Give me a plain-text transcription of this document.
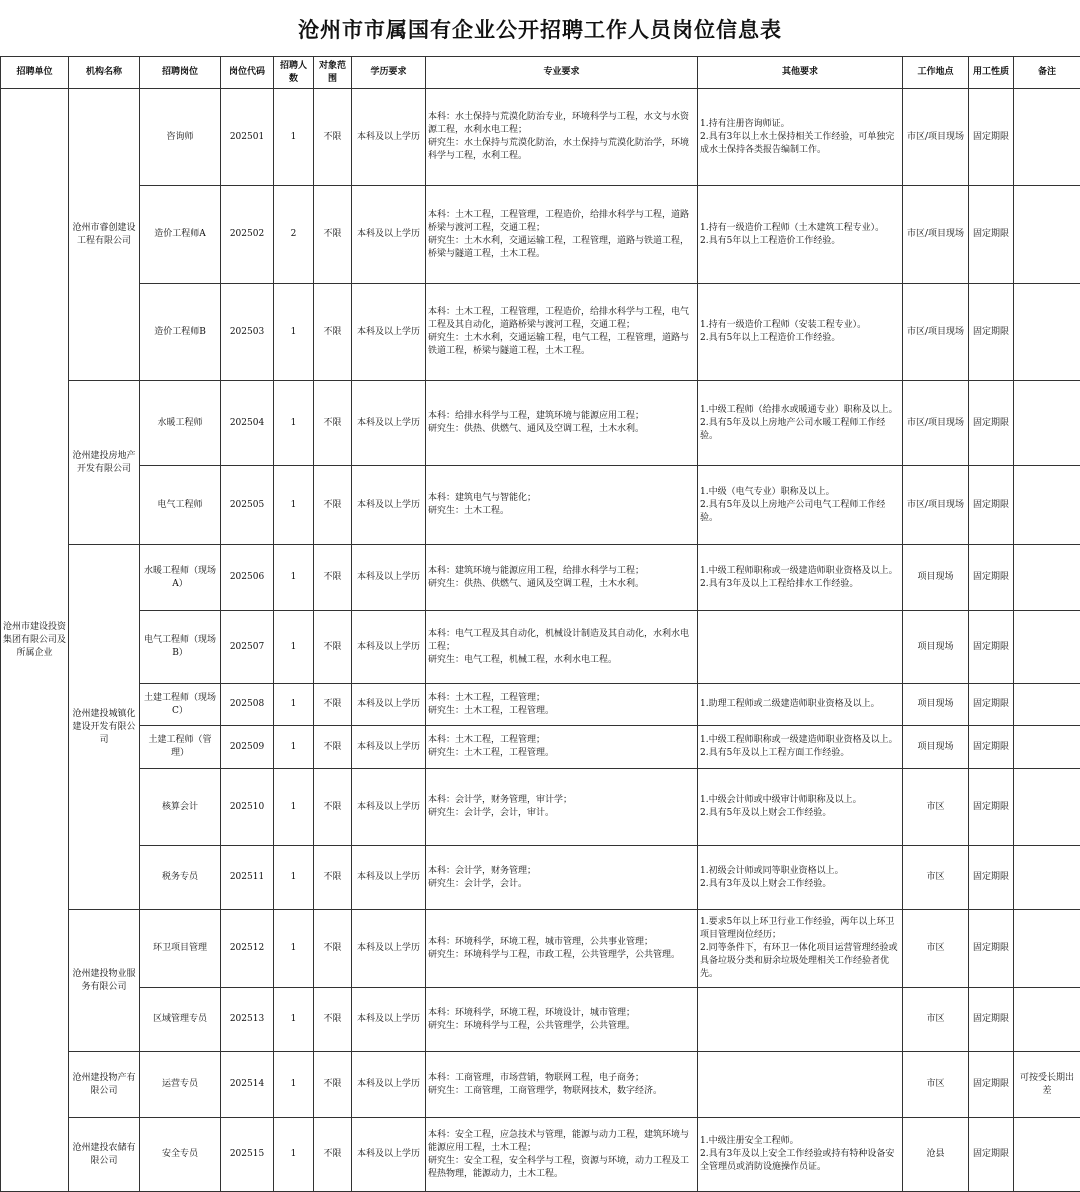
沧州市市属国有企业公开招聘工作人员岗位信息表
招聘单位	机构名称	招聘岗位	岗位代码	招聘人数	对象范围	学历要求	专业要求	其他要求	工作地点	用工性质	备注
沧州市建设投资集团有限公司及所属企业	沧州市睿创建设工程有限公司	咨询师	202501	1	不限	本科及以上学历	本科：水土保持与荒漠化防治专业，环境科学与工程，水文与水资源工程，水利水电工程；
研究生：水土保持与荒漠化防治，水土保持与荒漠化防治学，环境科学与工程，水利工程。	1.持有注册咨询师证。
2.具有3年以上水土保持相关工作经验，可单独完成水土保持各类报告编制工作。	市区/项目现场	固定期限	
		造价工程师A	202502	2	不限	本科及以上学历	本科：土木工程，工程管理，工程造价，给排水科学与工程，道路桥梁与渡河工程，交通工程；
研究生：土木水利，交通运输工程，工程管理，道路与铁道工程，桥梁与隧道工程，土木工程。	1.持有一级造价工程师（土木建筑工程专业）。
2.具有5年以上工程造价工作经验。	市区/项目现场	固定期限	
		造价工程师B	202503	1	不限	本科及以上学历	本科：土木工程，工程管理，工程造价，给排水科学与工程，电气工程及其自动化，道路桥梁与渡河工程，交通工程；
研究生：土木水利，交通运输工程，电气工程，工程管理，道路与铁道工程，桥梁与隧道工程，土木工程。	1.持有一级造价工程师（安装工程专业）。
2.具有5年以上工程造价工作经验。	市区/项目现场	固定期限	
	沧州建投房地产开发有限公司	水暖工程师	202504	1	不限	本科及以上学历	本科：给排水科学与工程，建筑环境与能源应用工程；
研究生：供热、供燃气、通风及空调工程，土木水利。	1.中级工程师（给排水或暖通专业）职称及以上。
2.具有5年及以上房地产公司水暖工程师工作经验。	市区/项目现场	固定期限	
		电气工程师	202505	1	不限	本科及以上学历	本科：建筑电气与智能化；
研究生：土木工程。	1.中级（电气专业）职称及以上。
2.具有5年及以上房地产公司电气工程师工作经验。	市区/项目现场	固定期限	
	沧州建投城镇化建设开发有限公司	水暖工程师（现场A）	202506	1	不限	本科及以上学历	本科：建筑环境与能源应用工程，给排水科学与工程；
研究生：供热、供燃气、通风及空调工程，土木水利。	1.中级工程师职称或一级建造师职业资格及以上。
2.具有3年及以上工程给排水工作经验。	项目现场	固定期限	
		电气工程师（现场B）	202507	1	不限	本科及以上学历	本科：电气工程及其自动化，机械设计制造及其自动化，水利水电工程；
研究生：电气工程，机械工程，水利水电工程。		项目现场	固定期限	
		土建工程师（现场C）	202508	1	不限	本科及以上学历	本科：土木工程，工程管理；
研究生：土木工程，工程管理。	1.助理工程师或二级建造师职业资格及以上。	项目现场	固定期限	
		土建工程师（管理）	202509	1	不限	本科及以上学历	本科：土木工程，工程管理；
研究生：土木工程，工程管理。	1.中级工程师职称或一级建造师职业资格及以上。
2.具有5年及以上工程方面工作经验。	项目现场	固定期限	
		核算会计	202510	1	不限	本科及以上学历	本科：会计学，财务管理，审计学；
研究生：会计学，会计，审计。	1.中级会计师或中级审计师职称及以上。
2.具有5年及以上财会工作经验。	市区	固定期限	
		税务专员	202511	1	不限	本科及以上学历	本科：会计学，财务管理；
研究生：会计学，会计。	1.初级会计师或同等职业资格以上。
2.具有3年及以上财会工作经验。	市区	固定期限	
	沧州建投物业服务有限公司	环卫项目管理	202512	1	不限	本科及以上学历	本科：环境科学，环境工程，城市管理，公共事业管理；
研究生：环境科学与工程，市政工程，公共管理学，公共管理。	1.要求5年以上环卫行业工作经验，两年以上环卫项目管理岗位经历；
2.同等条件下，有环卫一体化项目运营管理经验或具备垃圾分类和厨余垃圾处理相关工作经验者优先。	市区	固定期限	
		区域管理专员	202513	1	不限	本科及以上学历	本科：环境科学，环境工程，环境设计，城市管理；
研究生：环境科学与工程，公共管理学，公共管理。		市区	固定期限	
	沧州建投物产有限公司	运营专员	202514	1	不限	本科及以上学历	本科：工商管理，市场营销，物联网工程，电子商务；
研究生：工商管理，工商管理学，物联网技术，数字经济。		市区	固定期限	可按受长期出差
	沧州建投农储有限公司	安全专员	202515	1	不限	本科及以上学历	本科：安全工程，应急技术与管理，能源与动力工程，建筑环境与能源应用工程，土木工程；
研究生：安全工程，安全科学与工程，资源与环境，动力工程及工程热物理，能源动力，土木工程。	1.中级注册安全工程师。
2.具有3年及以上安全工作经验或持有特种设备安全管理员或消防设施操作员证。	沧县	固定期限	
